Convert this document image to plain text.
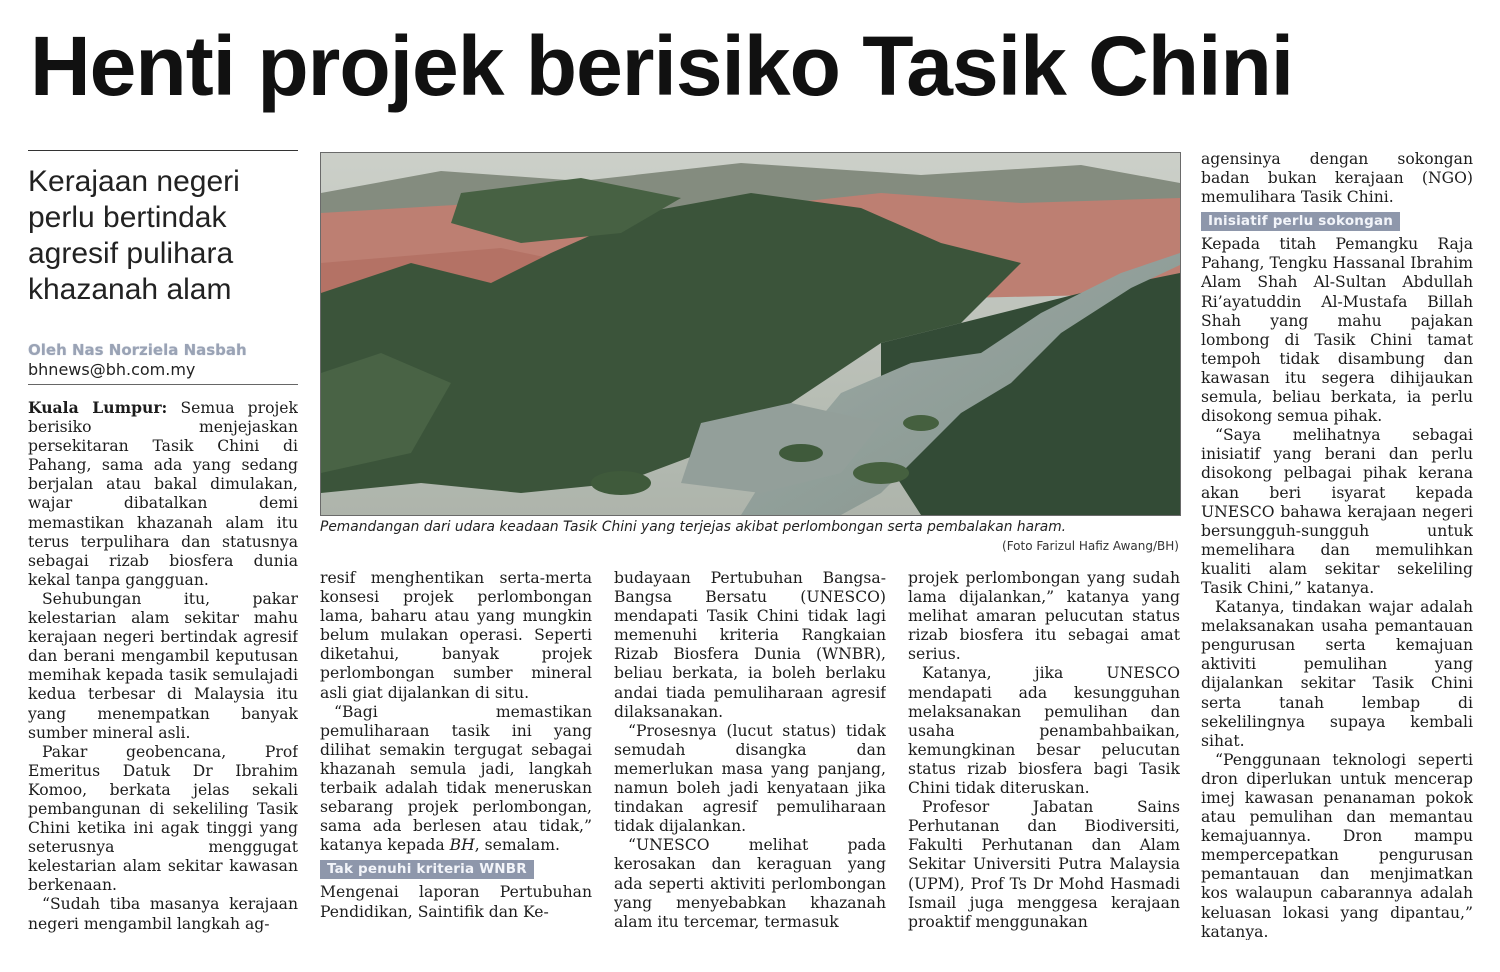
Henti projek berisiko Tasik Chini
Kerajaan negeri perlu bertindak agresif pulihara khazanah alam
Oleh Nas Norziela Nasbah
bhnews@bh.com.my
Pemandangan dari udara keadaan Tasik Chini yang terjejas akibat perlombongan serta pembalakan haram.
(Foto Farizul Hafiz Awang/BH)

Kuala Lumpur: Semua projek berisiko menjejaskan persekitaran Tasik Chini di Pahang, sama ada yang sedang berjalan atau bakal dimulakan, wajar dibatalkan demi memastikan khazanah alam itu terus terpulihara dan statusnya sebagai rizab biosfera dunia kekal tanpa gangguan.

Sehubungan itu, pakar kelestarian alam sekitar mahu kerajaan negeri bertindak agresif dan berani mengambil keputusan memihak kepada tasik semulajadi kedua terbesar di Malaysia itu yang menempatkan banyak sumber mineral asli.

Pakar geobencana, Prof Emeritus Datuk Dr Ibrahim Komoo, berkata jelas sekali pembangunan di sekeliling Tasik Chini ketika ini agak tinggi yang seterusnya menggugat kelestarian alam sekitar kawasan berkenaan.

“Sudah tiba masanya kerajaan negeri mengambil langkah ag-

resif menghentikan serta-merta konsesi projek perlombongan lama, baharu atau yang mungkin belum mulakan operasi. Seperti diketahui, banyak projek perlombongan sumber mineral asli giat dijalankan di situ.

“Bagi memastikan pemuliharaan tasik ini yang dilihat semakin tergugat sebagai khazanah semula jadi, langkah terbaik adalah tidak meneruskan sebarang projek perlombongan, sama ada berlesen atau tidak,” katanya kepada BH, semalam.

Tak penuhi kriteria WNBR

Mengenai laporan Pertubuhan Pendidikan, Saintifik dan Ke-

budayaan Pertubuhan Bangsa-Bangsa Bersatu (UNESCO) mendapati Tasik Chini tidak lagi memenuhi kriteria Rangkaian Rizab Biosfera Dunia (WNBR), beliau berkata, ia boleh berlaku andai tiada pemuliharaan agresif dilaksanakan.

“Prosesnya (lucut status) tidak semudah disangka dan memerlukan masa yang panjang, namun boleh jadi kenyataan jika tindakan agresif pemuliharaan tidak dijalankan.

“UNESCO melihat pada kerosakan dan keraguan yang ada seperti aktiviti perlombongan yang menyebabkan khazanah alam itu tercemar, termasuk

projek perlombongan yang sudah lama dijalankan,” katanya yang melihat amaran pelucutan status rizab biosfera itu sebagai amat serius.

Katanya, jika UNESCO mendapati ada kesungguhan melaksanakan pemulihan dan usaha penambahbaikan, kemungkinan besar pelucutan status rizab biosfera bagi Tasik Chini tidak diteruskan.

Profesor Jabatan Sains Perhutanan dan Biodiversiti, Fakulti Perhutanan dan Alam Sekitar Universiti Putra Malaysia (UPM), Prof Ts Dr Mohd Hasmadi Ismail juga menggesa kerajaan proaktif menggunakan

agensinya dengan sokongan badan bukan kerajaan (NGO) memulihara Tasik Chini.

Inisiatif perlu sokongan

Kepada titah Pemangku Raja Pahang, Tengku Hassanal Ibrahim Alam Shah Al-Sultan Abdullah Ri’ayatuddin Al-Mustafa Billah Shah yang mahu pajakan lombong di Tasik Chini tamat tempoh tidak disambung dan kawasan itu segera dihijaukan semula, beliau berkata, ia perlu disokong semua pihak.

“Saya melihatnya sebagai inisiatif yang berani dan perlu disokong pelbagai pihak kerana akan beri isyarat kepada UNESCO bahawa kerajaan negeri bersungguh-sungguh untuk memelihara dan memulihkan kualiti alam sekitar sekeliling Tasik Chini,” katanya.

Katanya, tindakan wajar adalah melaksanakan usaha pemantauan pengurusan serta kemajuan aktiviti pemulihan yang dijalankan sekitar Tasik Chini serta tanah lembap di sekelilingnya supaya kembali sihat.

“Penggunaan teknologi seperti dron diperlukan untuk mencerap imej kawasan penanaman pokok atau pemulihan dan memantau kemajuannya. Dron mampu mempercepatkan pengurusan pemantauan dan menjimatkan kos walaupun cabarannya adalah keluasan lokasi yang dipantau,” katanya.
